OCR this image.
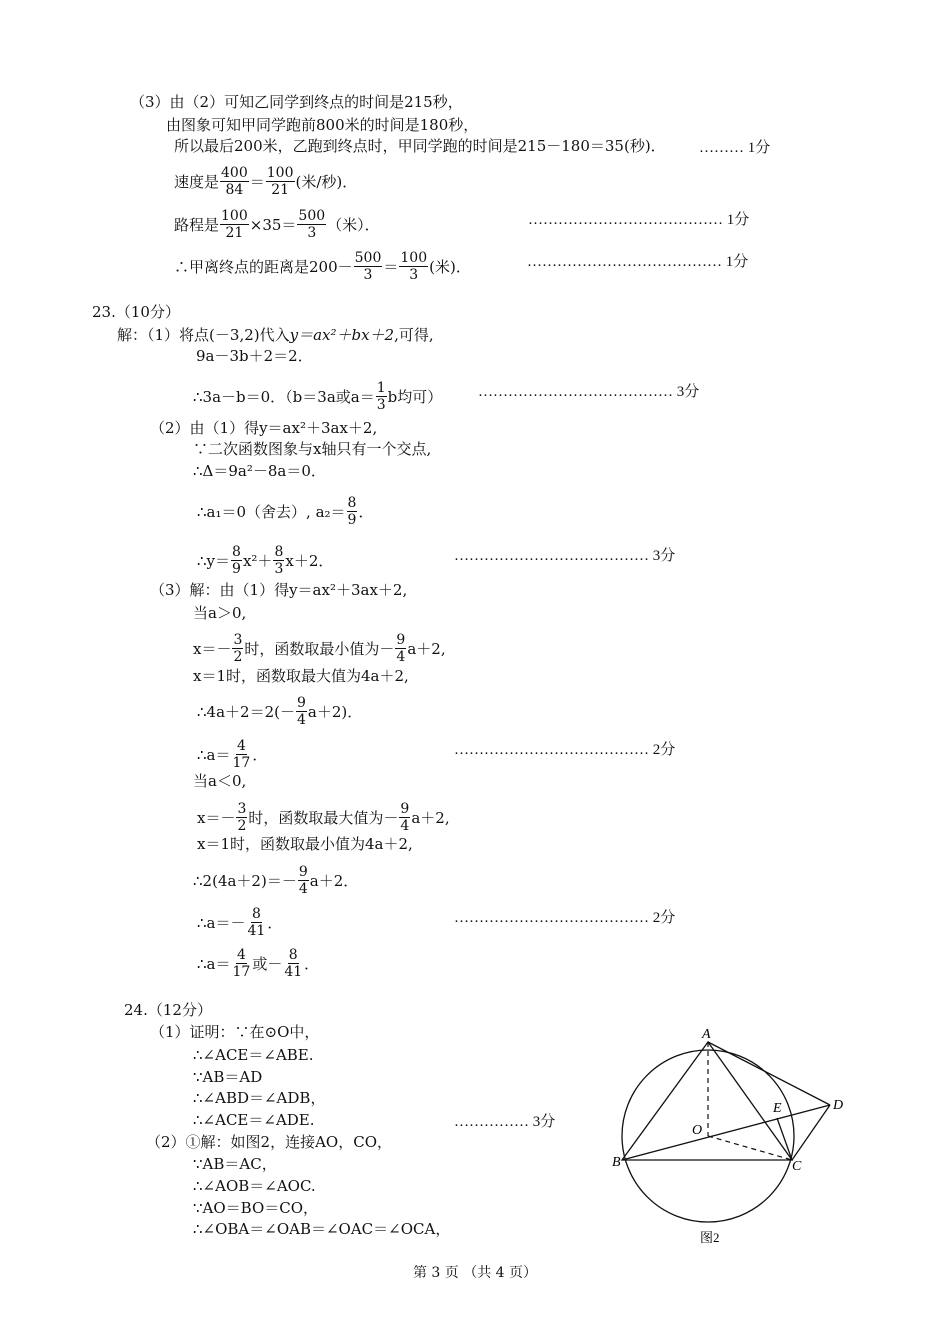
（3）由（2）可知乙同学到终点的时间是215秒，
由图象可知甲同学跑前800米的时间是180秒，
所以最后200米，乙跑到终点时，甲同学跑的时间是215－180＝35(秒)． ……… 1分
速度是 $\frac{400}{84} = \frac{100}{21}$ (米/秒)．
路程是 $\frac{100}{21} \times 35= \frac{500}{3}$ （米）．	………………………………… 1分
∴甲离终点的距离是$200- \frac{500}{3} = \frac{100}{3}$ (米)．	………………………………… 1分
23.（10分）
解：（1）将点(－3,2)代入y＝ax²＋bx＋2,可得,
9a－3b＋2＝2．
∴3a－b＝0．（b＝3a或$a= \frac{1}{3}$ b均可） ………………………………… 3分
（2）由（1）得y＝ax²＋3ax＋2,
∵二次函数图象与x轴只有一个交点,
∴Δ＝9a²－8a＝0．
∴a₁＝0（舍去）, $a_2= \frac{8}{9}$ ．
∴y＝ $\frac{8}{9} x^2+ \frac{8}{3} x+2$．	………………………………… 3分
（3）解：由（1）得y＝ax²＋3ax＋2,
当a＞0,
$x=- \frac{3}{2}$ 时，函数取最小值为－ $\frac{9}{4} a+2$,
x＝1时，函数取最大值为4a＋2,
∴4a＋2＝2(－ $\frac{9}{4} a+2$)．
∴a＝ $\frac{4}{17}$ ．	………………………………… 2分
当a＜0,
$x=- \frac{3}{2}$ 时，函数取最大值为－ $\frac{9}{4} a+2$,
x＝1时，函数取最小值为4a＋2,
∴2(4a＋2)＝－ $\frac{9}{4} a+2$．
∴a＝－ $\frac{8}{41}$ ．	………………………………… 2分
∴a＝ $\frac{4}{17}$ 或－ $\frac{8}{41}$ ．
24.（12分）
（1）证明：∵在⊙O中，
∴∠ACE＝∠ABE.
∵AB＝AD
∴∠ABD＝∠ADB，
∴∠ACE＝∠ADE.	…………… 3分
（2）①解：如图2，连接AO，CO，
∵AB＝AC，
∴∠AOB＝∠AOC.
∵AO＝BO＝CO，
∴∠OBA＝∠OAB＝∠OAC＝∠OCA，
A
B	C
D
E
O
图2
第 3 页 （共 4 页）
